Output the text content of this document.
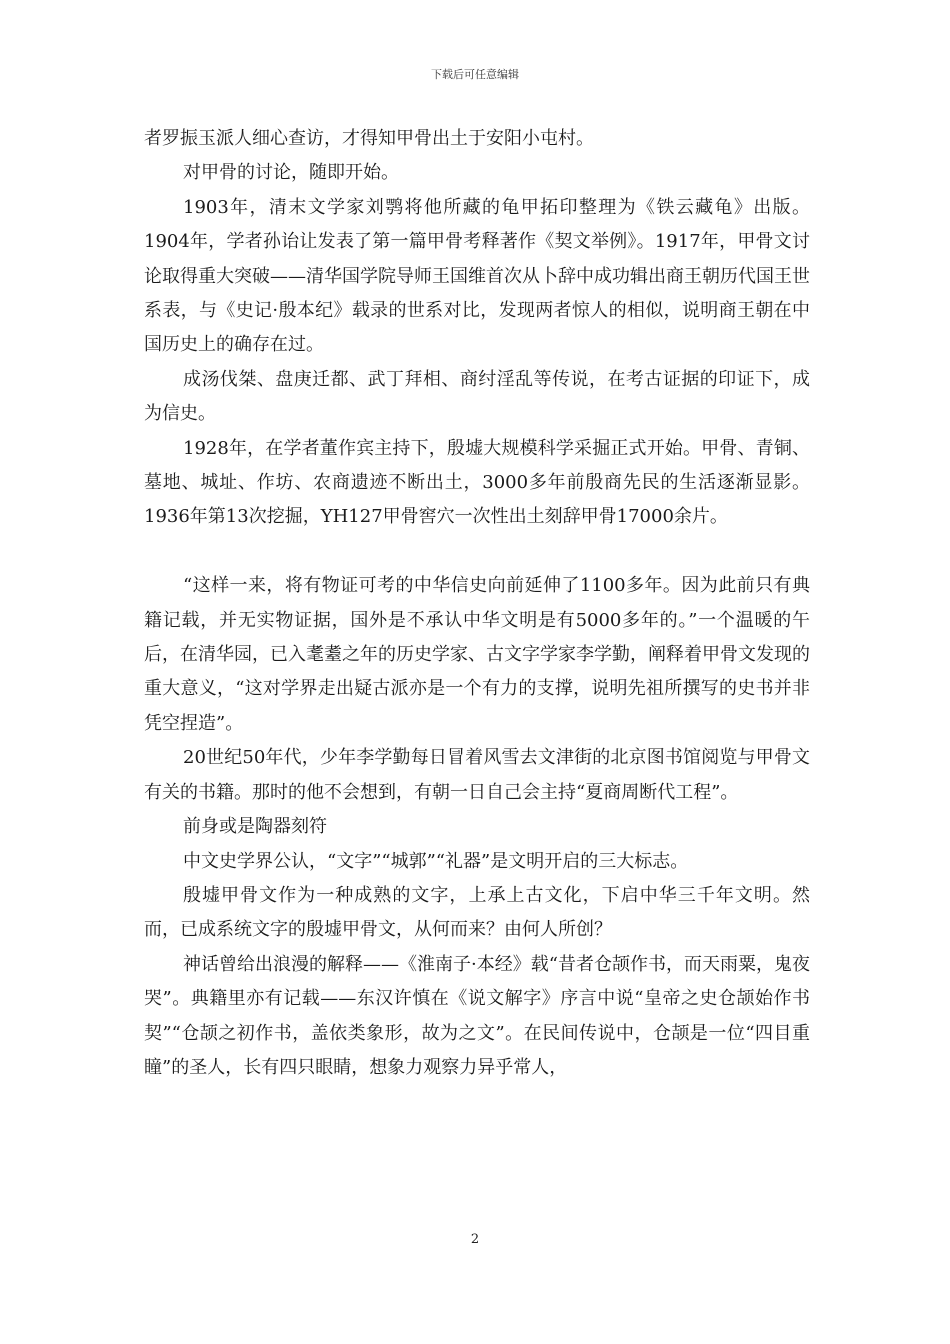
下载后可任意编辑

者罗振玉派人细心查访，才得知甲骨出土于安阳小屯村。

对甲骨的讨论，随即开始。

1903年，清末文学家刘鹗将他所藏的龟甲拓印整理为《铁云藏龟》出版。1904年，学者孙诒让发表了第一篇甲骨考释著作《契文举例》。1917年，甲骨文讨论取得重大突破——清华国学院导师王国维首次从卜辞中成功辑出商王朝历代国王世系表，与《史记·殷本纪》载录的世系对比，发现两者惊人的相似，说明商王朝在中国历史上的确存在过。

成汤伐桀、盘庚迁都、武丁拜相、商纣淫乱等传说，在考古证据的印证下，成为信史。

1928年，在学者董作宾主持下，殷墟大规模科学采掘正式开始。甲骨、青铜、墓地、城址、作坊、农商遗迹不断出土，3000多年前殷商先民的生活逐渐显影。1936年第13次挖掘，YH127甲骨窖穴一次性出土刻辞甲骨17000余片。

“这样一来，将有物证可考的中华信史向前延伸了1100多年。因为此前只有典籍记载，并无实物证据，国外是不承认中华文明是有5000多年的。”一个温暖的午后，在清华园，已入耄耋之年的历史学家、古文字学家李学勤，阐释着甲骨文发现的重大意义，“这对学界走出疑古派亦是一个有力的支撑，说明先祖所撰写的史书并非凭空捏造”。

20世纪50年代，少年李学勤每日冒着风雪去文津街的北京图书馆阅览与甲骨文有关的书籍。那时的他不会想到，有朝一日自己会主持“夏商周断代工程”。

前身或是陶器刻符

中文史学界公认，“文字”“城郭”“礼器”是文明开启的三大标志。

殷墟甲骨文作为一种成熟的文字，上承上古文化，下启中华三千年文明。然而，已成系统文字的殷墟甲骨文，从何而来？由何人所创？

神话曾给出浪漫的解释——《淮南子·本经》载“昔者仓颉作书，而天雨粟，鬼夜哭”。典籍里亦有记载——东汉许慎在《说文解字》序言中说“皇帝之史仓颉始作书契”“仓颉之初作书，盖依类象形，故为之文”。在民间传说中，仓颉是一位“四目重瞳”的圣人，长有四只眼睛，想象力观察力异乎常人，

2
